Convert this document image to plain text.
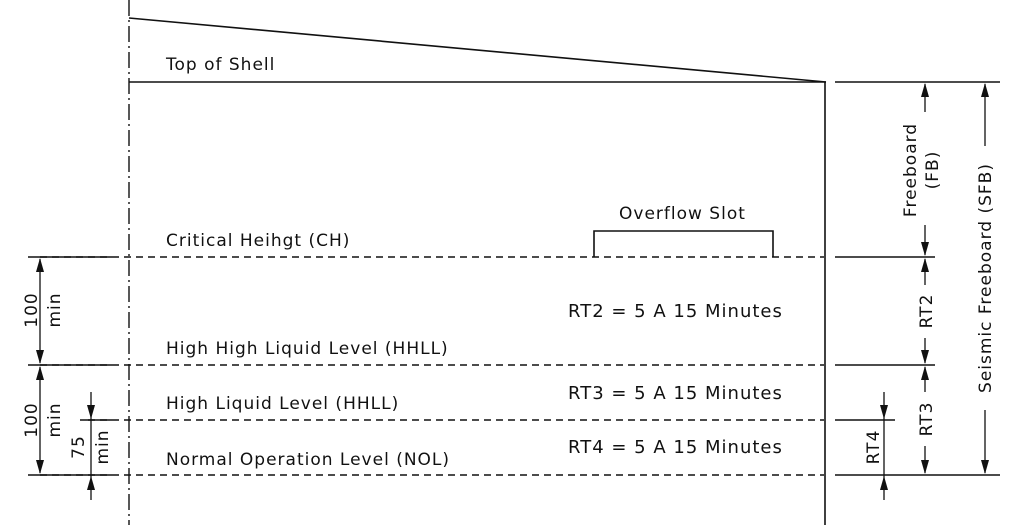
Top of Shell
Critical Heihgt (CH)
Overflow Slot
High High Liquid Level (HHLL)
High Liquid Level (HHLL)
Normal Operation Level (NOL)
RT2 = 5 A 15 Minutes
RT3 = 5 A 15 Minutes
RT4 = 5 A 15 Minutes
100 min
100 min
75 min
Freeboard (FB)
RT2
RT3
RT4
Seismic Freeboard (SFB)
